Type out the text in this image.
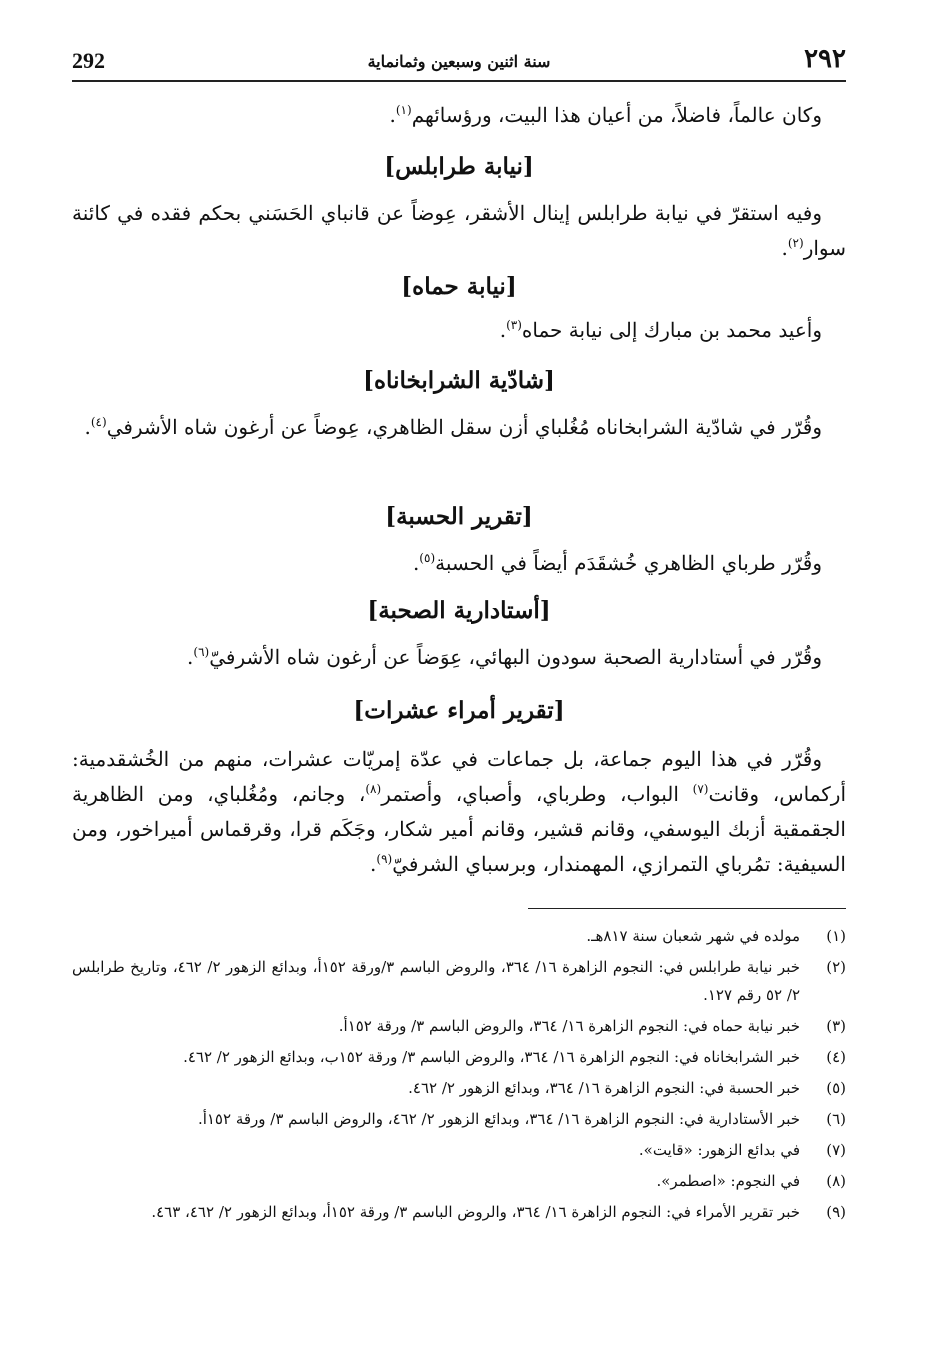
292	سنة اثنين وسبعين وثمانماية	٢٩٢

وكان عالماً، فاضلاً، من أعيان هذا البيت، ورؤسائهم$^{(١)}$.

[نيابة طرابلس]

وفيه استقرّ في نيابة طرابلس إينال الأشقر، عِوضاً عن قانباي الحَسَني بحكم فقده في كائنة سوار$^{(٢)}$.

[نيابة حماه]

وأعيد محمد بن مبارك إلى نيابة حماه$^{(٣)}$.

[شادّية الشرابخاناه]

وقُرّر في شادّية الشرابخاناه مُغُلباي أزن سقل الظاهري، عِوضاً عن أرغون شاه الأشرفي$^{(٤)}$.

[تقرير الحسبة]

وقُرّر طرباي الظاهري خُشقَدَم أيضاً في الحسبة$^{(٥)}$.

[أستادارية الصحبة]

وقُرّر في أستادارية الصحبة سودون البهائي، عِوَضاً عن أرغون شاه الأشرفيّ$^{(٦)}$.

[تقرير أمراء عشرات]

وقُرّر في هذا اليوم جماعة، بل جماعات في عدّة إمريّات عشرات، منهم من الخُشقدمية: أركماس، وقانت$^{(٧)}$ البواب، وطرباي، وأصباي، وأصتمر$^{(٨)}$، وجانم، ومُغُلباي، ومن الظاهرية الجقمقية أزبك اليوسفي، وقانم قشير، وقانم أمير شكار، وجَكَم قرا، وقرقماس أميراخور، ومن السيفية: تمُرباي التمرازي، المهمندار، وبرسباي الشرفيّ$^{(٩)}$.

(١)
مولده في شهر شعبان سنة ٨١٧هـ.
(٢)
خبر نيابة طرابلس في: النجوم الزاهرة ١٦/ ٣٦٤، والروض الباسم ٣/ورقة ١٥٢أ، وبدائع الزهور ٢/ ٤٦٢، وتاريخ طرابلس ٢/ ٥٢ رقم ١٢٧.
(٣)
خبر نيابة حماه في: النجوم الزاهرة ١٦/ ٣٦٤، والروض الباسم ٣/ ورقة ١٥٢أ.
(٤)
خبر الشرابخاناه في: النجوم الزاهرة ١٦/ ٣٦٤، والروض الباسم ٣/ ورقة ١٥٢ب، وبدائع الزهور ٢/ ٤٦٢.
(٥)
خبر الحسبة في: النجوم الزاهرة ١٦/ ٣٦٤، وبدائع الزهور ٢/ ٤٦٢.
(٦)
خبر الأستادارية في: النجوم الزاهرة ١٦/ ٣٦٤، وبدائع الزهور ٢/ ٤٦٢، والروض الباسم ٣/ ورقة ١٥٢أ.
(٧)
في بدائع الزهور: «قايت».
(٨)
في النجوم: «اصطمر».
(٩)
خبر تقرير الأمراء في: النجوم الزاهرة ١٦/ ٣٦٤، والروض الباسم ٣/ ورقة ١٥٢أ، وبدائع الزهور ٢/ ٤٦٢، ٤٦٣.
